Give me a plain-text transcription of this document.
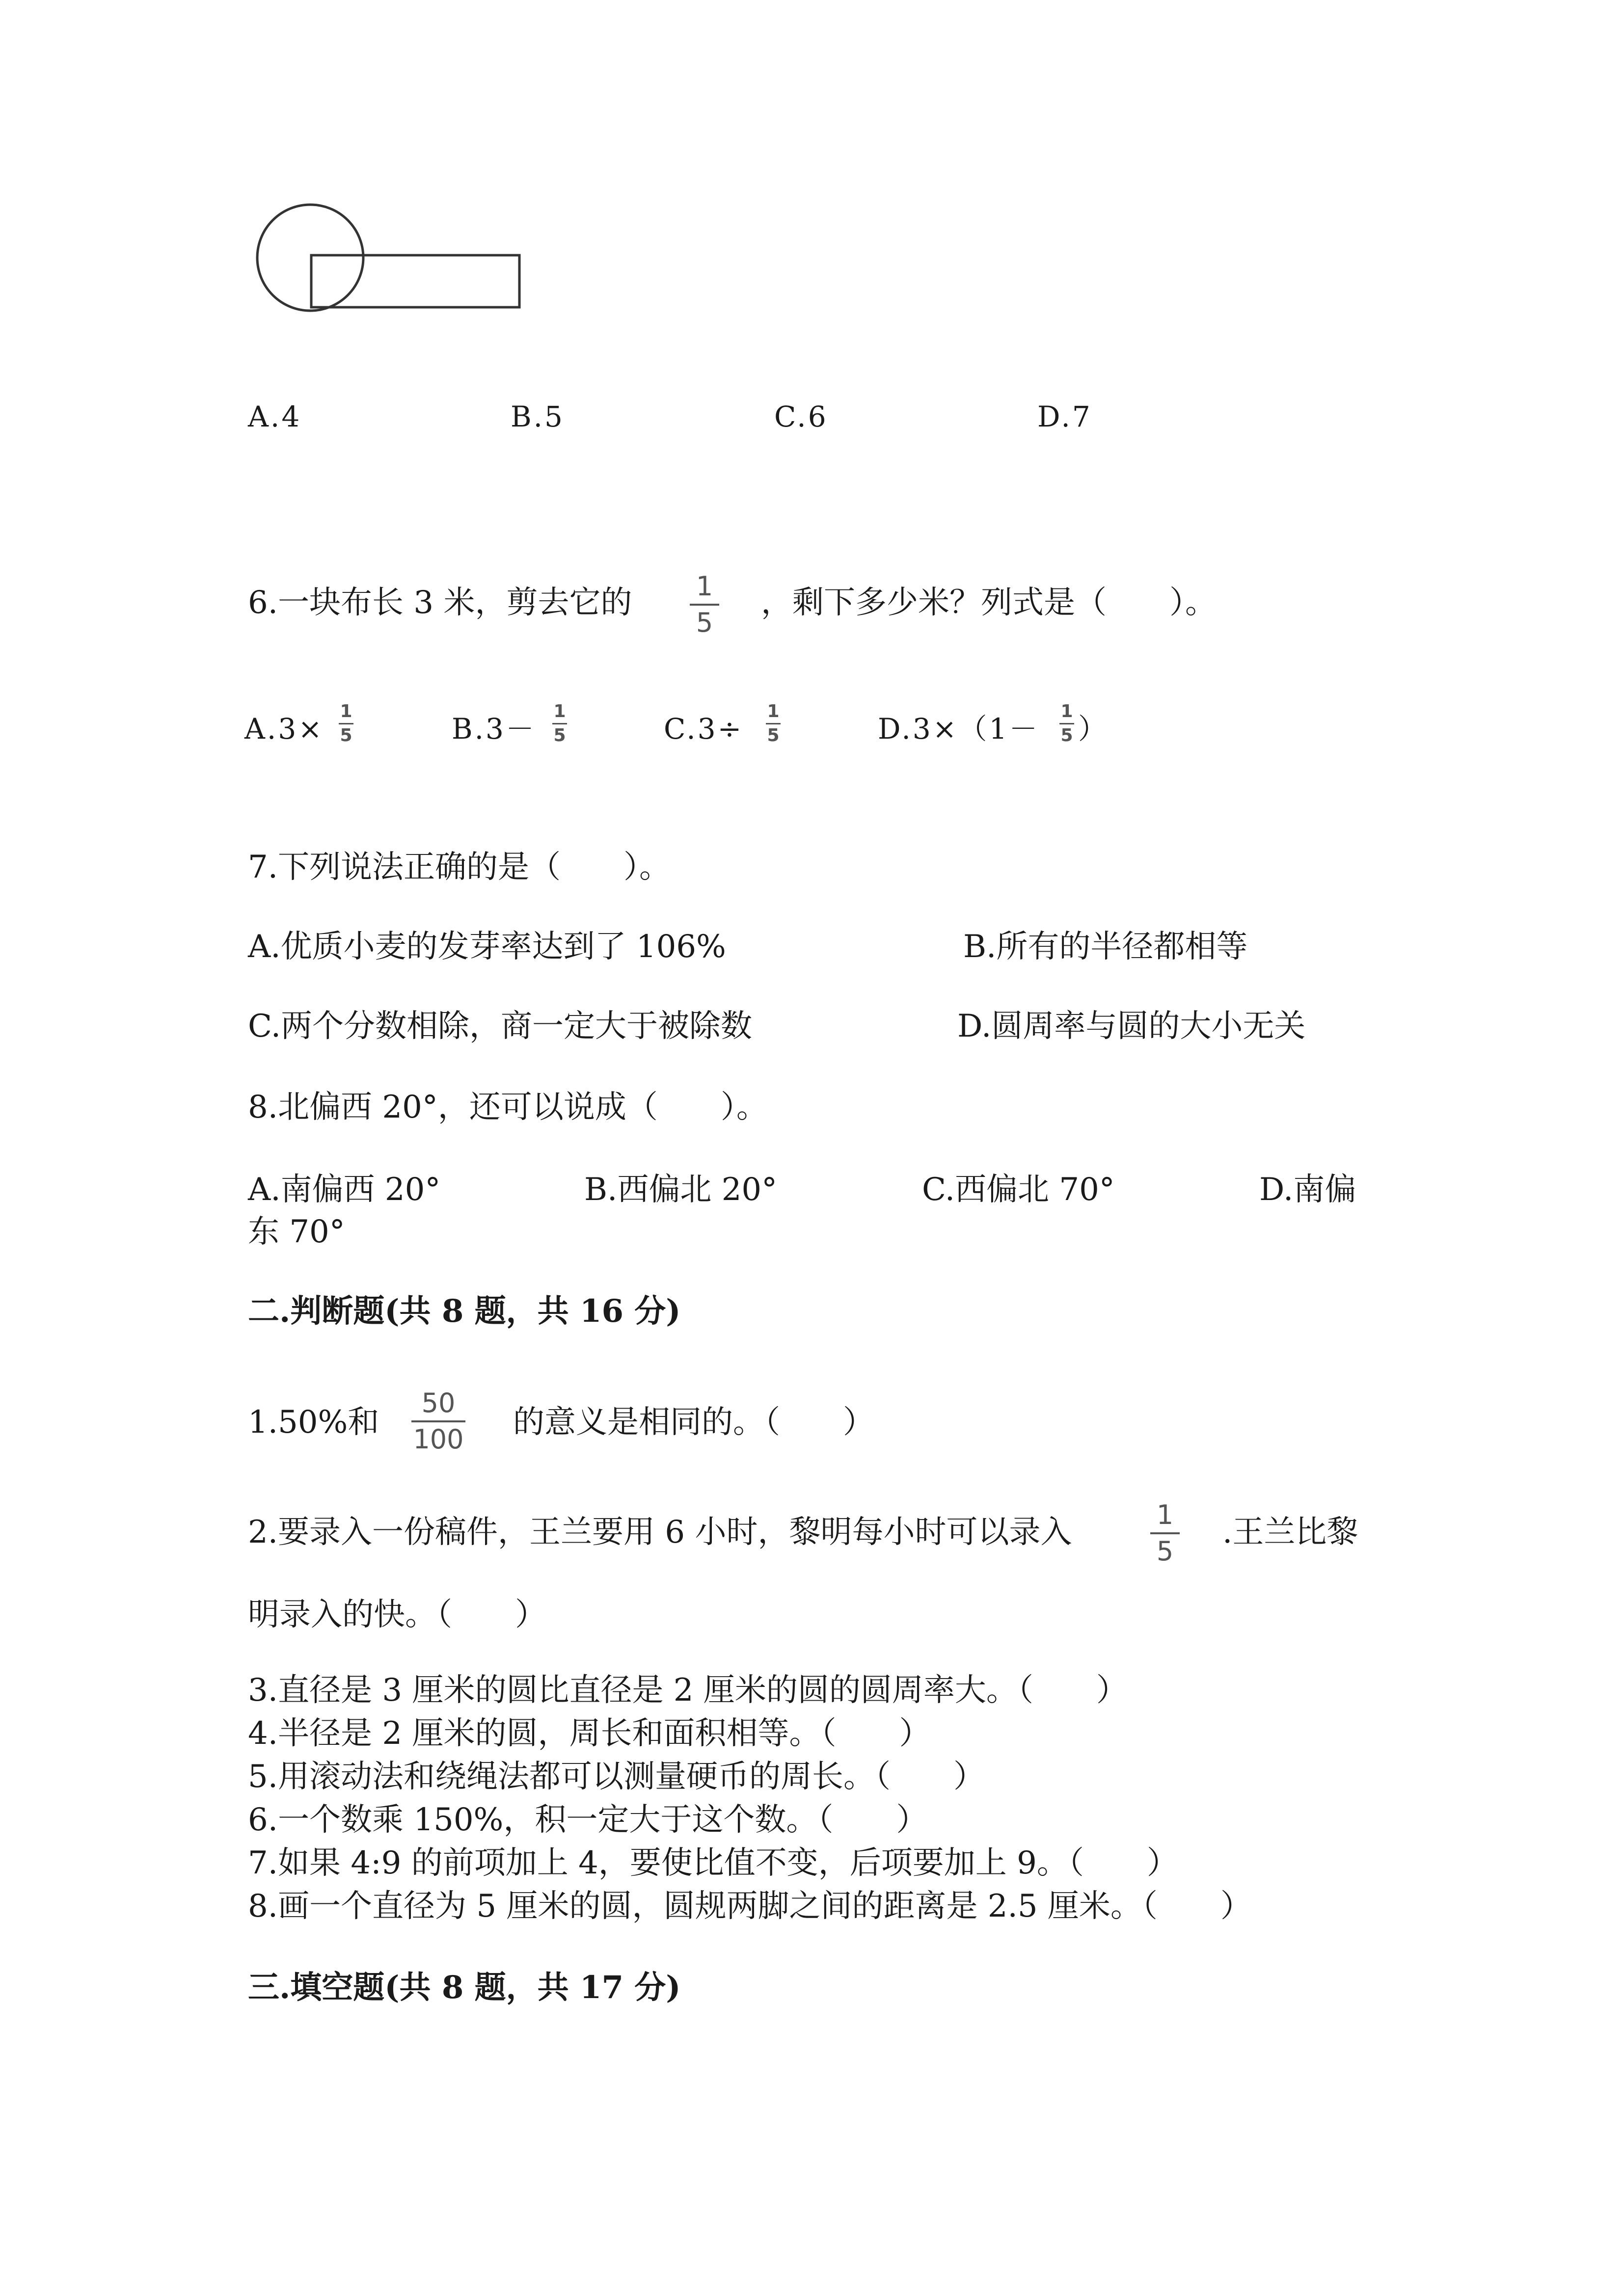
A.4	B.5	C.6	D.7
6.一块布长 3 米，剪去它的 1
5
，剩下多少米？列式是（　　）。
A.3×
1
5	B.3－
1
5	C.3÷
1
5	D.3×（1－
1
5 ）
7.下列说法正确的是（　　）。
A.优质小麦的发芽率达到了 106%	B.所有的半径都相等
C.两个分数相除，商一定大于被除数	D.圆周率与圆的大小无关
8.北偏西 20°，还可以说成（　　）。
A.南偏西 20°	B.西偏北 20°	C.西偏北 70°	D.南偏
东 70°
二.判断题(共 8 题，共 16 分)
1.50%和
50
100 的意义是相同的。（　　）
2.要录入一份稿件，王兰要用 6 小时，黎明每小时可以录入	1
5
.王兰比黎
明录入的快。（　　）
3.直径是 3 厘米的圆比直径是 2 厘米的圆的圆周率大。（　　）
4.半径是 2 厘米的圆，周长和面积相等。（　　）
5.用滚动法和绕绳法都可以测量硬币的周长。（　　）
6.一个数乘 150%，积一定大于这个数。（　　）
7.如果 4:9 的前项加上 4，要使比值不变，后项要加上 9。（　　）
8.画一个直径为 5 厘米的圆，圆规两脚之间的距离是 2.5 厘米。（　　）
三.填空题(共 8 题，共 17 分)
